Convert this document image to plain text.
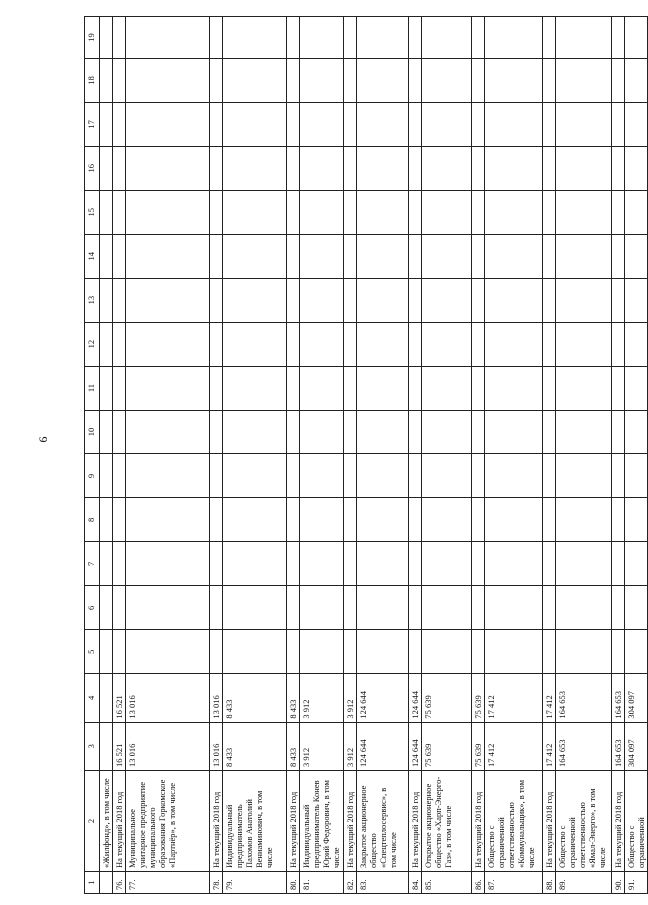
9
1	2	3	4	5	6	7	8	9	10	11	12	13	14	15	16	17	18	19
	«Жилфонд», в том числе																	
76.	На текущий 2018 год	16 521	16 521															
77.	Муниципальное унитарное предприятие муниципального образования Горкомское «Партнёр», в том числе	13 016	13 016															
78.	На текущий 2018 год	13 016	13 016															
79.	Индивидуальный предприниматель Пахомов Анатолий Вениаминович, в том числе	8 433	8 433															
80.	На текущий 2018 год	8 433	8 433															
81.	Индивидуальный предприниматель Конев Юрий Федорович, в том числе	3 912	3 912															
82.	На текущий 2018 год	3 912	3 912															
83.	Закрытое акционерное общество «Спецтеплосервис», в том числе	124 644	124 644															
84.	На текущий 2018 год	124 644	124 644															
85.	Открытое акционерное общество «Харп-Энерго-Газ», в том числе	75 639	75 639															
86.	На текущий 2018 год	75 639	75 639															
87.	Общество с ограниченной ответственностью «Коммунальщик», в том числе	17 412	17 412															
88.	На текущий 2018 год	17 412	17 412															
89.	Общество с ограниченной ответственностью «Ямал-Энерго», в том числе	164 653	164 653															
90.	На текущий 2018 год	164 653	164 653															
91.	Общество с ограниченной	304 097	304 097															
